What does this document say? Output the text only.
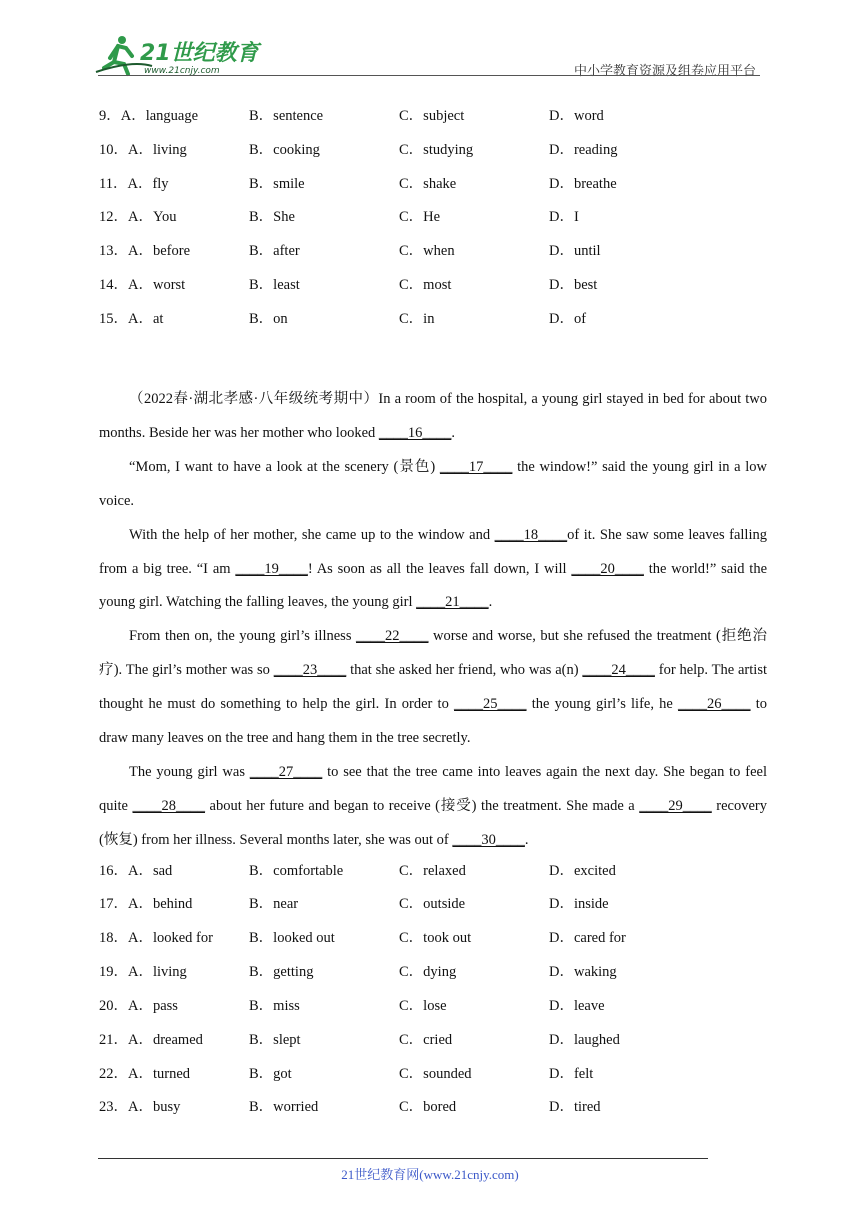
21世纪教育
www.21cnjy.com	中小学教育资源及组卷应用平台
9．A．language	B．sentence	C．subject	D．word
10．A．living	B．cooking	C．studying	D．reading
11．A．fly	B．smile	C．shake	D．breathe
12．A．You	B．She	C．He	D．I
13．A．before	B．after	C．when	D．until
14．A．worst	B．least	C．most	D．best
15．A．at	B．on	C．in	D．of

（2022春·湖北孝感·八年级统考期中）In a room of the hospital, a young girl stayed in bed for about two months. Beside her was her mother who looked ____16____.

“Mom, I want to have a look at the scenery (景色) ____17____ the window!” said the young girl in a low voice.

With the help of her mother, she came up to the window and ____18____of it. She saw some leaves falling from a big tree. “I am ____19____! As soon as all the leaves fall down, I will ____20____ the world!” said the young girl. Watching the falling leaves, the young girl ____21____.

From then on, the young girl’s illness ____22____ worse and worse, but she refused the treatment (拒绝治疗). The girl’s mother was so ____23____ that she asked her friend, who was a(n) ____24____ for help. The artist thought he must do something to help the girl. In order to ____25____ the young girl’s life, he ____26____ to draw many leaves on the tree and hang them in the tree secretly.

The young girl was ____27____ to see that the tree came into leaves again the next day. She began to feel quite ____28____ about her future and began to receive (接受) the treatment. She made a ____29____ recovery (恢复) from her illness. Several months later, she was out of ____30____.

16．A．sad	B．comfortable	C．relaxed	D．excited
17．A．behind	B．near	C．outside	D．inside
18．A．looked for B．looked out	C．took out	D．cared for
19．A．living	B．getting	C．dying	D．waking
20．A．pass	B．miss	C．lose	D．leave
21．A．dreamed	B．slept	C．cried	D．laughed
22．A．turned	B．got	C．sounded	D．felt
23．A．busy	B．worried	C．bored	D．tired
21世纪教育网(www.21cnjy.com)
